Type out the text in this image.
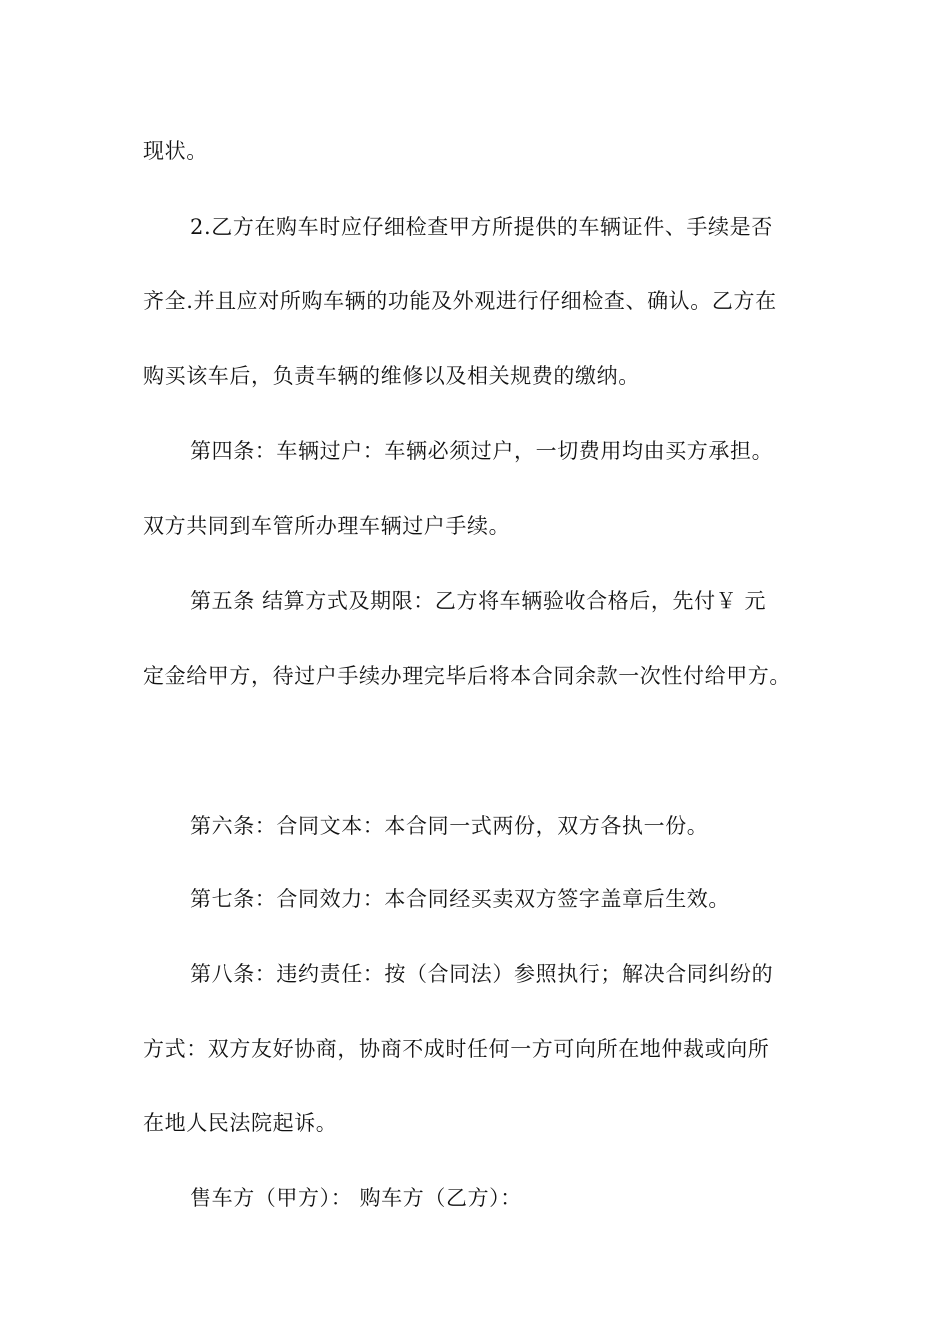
现状。
2.乙方在购车时应仔细检查甲方所提供的车辆证件、手续是否
齐全.并且应对所购车辆的功能及外观进行仔细检查、确认。乙方在
购买该车后，负责车辆的维修以及相关规费的缴纳。
第四条：车辆过户：车辆必须过户，一切费用均由买方承担。
双方共同到车管所办理车辆过户手续。
第五条 结算方式及期限：乙方将车辆验收合格后，先付￥ 元
定金给甲方，待过户手续办理完毕后将本合同余款一次性付给甲方。
第六条：合同文本：本合同一式两份，双方各执一份。
第七条：合同效力：本合同经买卖双方签字盖章后生效。
第八条：违约责任：按（合同法）参照执行；解决合同纠纷的
方式：双方友好协商，协商不成时任何一方可向所在地仲裁或向所
在地人民法院起诉。
售车方（甲方）： 购车方（乙方）：
